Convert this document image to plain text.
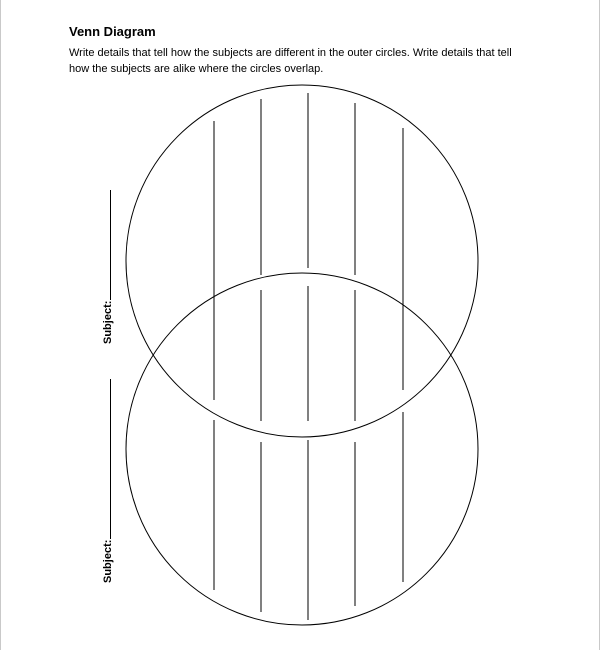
Venn Diagram
Write details that tell how the subjects are different in the outer circles. Write details that tell
how the subjects are alike where the circles overlap.
Subject:
Subject:
